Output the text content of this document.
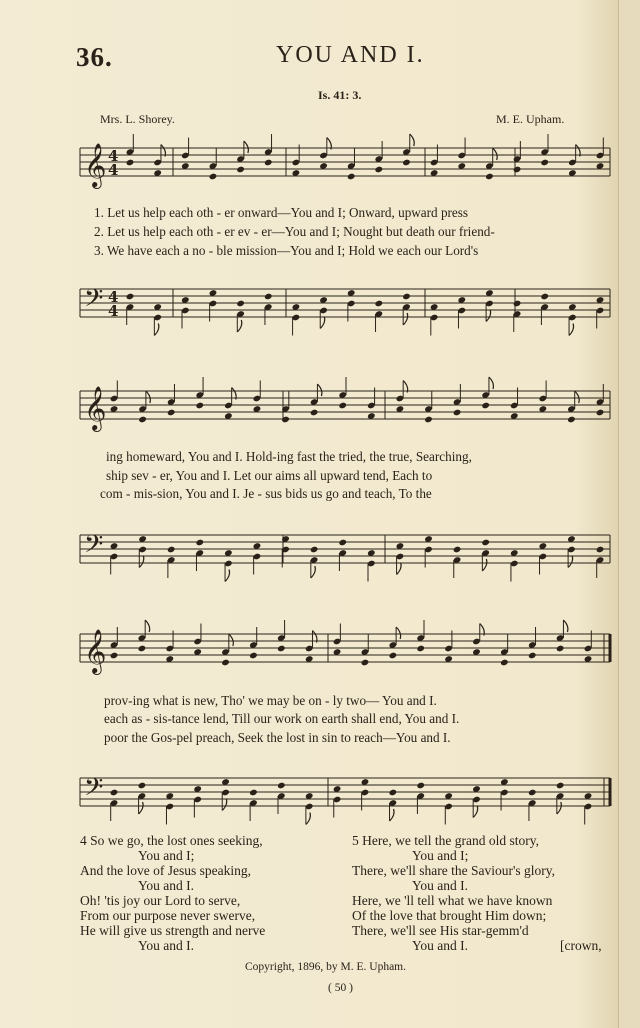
36.	YOU AND I.
Is. 41: 3.
Mrs. L. Shorey.	M. E. Upham.
𝄞 4
4
𝄢 4
4
𝄞
𝄢
𝄞
𝄢
1. Let us help each oth - er onward—You and I; Onward, upward press
2. Let us help each oth - er ev - er—You and I; Nought but death our friend-
3. We have each a no - ble mission—You and I; Hold we each our Lord's
ing homeward, You and I. Hold-ing fast the tried, the true, Searching,
ship sev - er, You and I. Let our aims all upward tend, Each to
com - mis-sion, You and I. Je - sus bids us go and teach, To the
prov-ing what is new, Tho' we may be on - ly two— You and I.
each as - sis-tance lend, Till our work on earth shall end, You and I.
poor the Gos-pel preach, Seek the lost in sin to reach—You and I.
4 So we go, the lost ones seeking,
You and I;
And the love of Jesus speaking,
You and I.
Oh! 'tis joy our Lord to serve,
From our purpose never swerve,
He will give us strength and nerve
You and I.
5 Here, we tell the grand old story,
You and I;
There, we'll share the Saviour's glory,
You and I.
Here, we 'll tell what we have known
Of the love that brought Him down;
There, we'll see His star-gemm'd
You and I.	[crown,
Copyright, 1896, by M. E. Upham.
( 50 )
